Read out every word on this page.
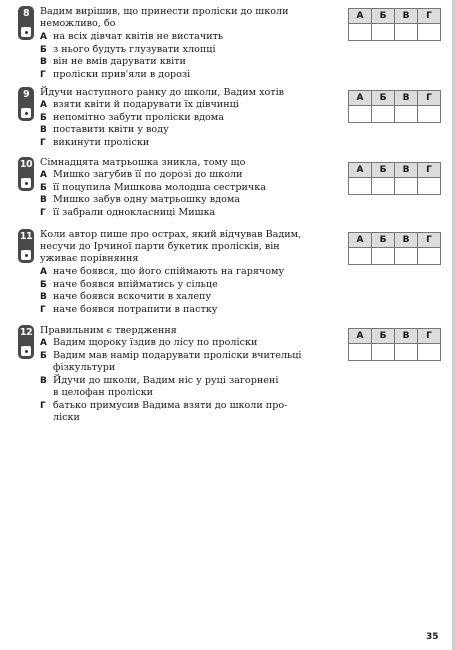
8	Вадим вирішив, що принести проліски до школи
неможливо, бо
А на всіх дівчат квітів не вистачить
Б з нього будуть глузувати хлопці
В він не вмів дарувати квіти
Г проліски прив'яли в дорозі
А	Б	В	Г

9	Йдучи наступного ранку до школи, Вадим хотів
А взяти квіти й подарувати їх дівчинці
Б непомітно забути проліски вдома
В поставити квіти у воду
Г викинути проліски
А	Б	В	Г

10 Сімнадцята матрьошка зникла, тому що
А Мишко загубив її по дорозі до школи
Б її поцупила Мишкова молодша сестричка
В Мишко забув одну матрьошку вдома
Г її забрали однокласниці Мишка
А	Б	В	Г

11 Коли автор пише про острах, який відчував Вадим,
несучи до Ірчиної парти букетик пролісків, він
уживає порівняння
А наче боявся, що його спіймають на гарячому
Б наче боявся впійматись у сільце
В наче боявся вскочити в халепу
Г наче боявся потрапити в пастку
А	Б	В	Г

12 Правильним є твердження
А Вадим щороку їздив до лісу по проліски
Б Вадим мав намір подарувати проліски вчительці
фізкультури
В Йдучи до школи, Вадим ніс у руці загорнені
в целофан проліски
Г батько примусив Вадима взяти до школи про-
ліски
А	Б	В	Г

35
